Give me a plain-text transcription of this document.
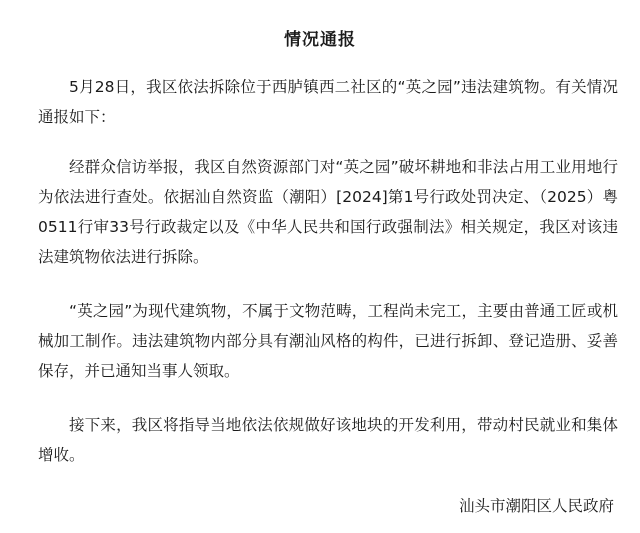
情况通报

5月28日，我区依法拆除位于西胪镇西二社区的“英之园”违法建筑物。有关情况通报如下：

经群众信访举报，我区自然资源部门对“英之园”破坏耕地和非法占用工业用地行为依法进行查处。依据汕自然资监（潮阳）[2024]第1号行政处罚决定、（2025）粤0511行审33号行政裁定以及《中华人民共和国行政强制法》相关规定，我区对该违法建筑物依法进行拆除。

“英之园”为现代建筑物，不属于文物范畴，工程尚未完工，主要由普通工匠或机械加工制作。违法建筑物内部分具有潮汕风格的构件，已进行拆卸、登记造册、妥善保存，并已通知当事人领取。

接下来，我区将指导当地依法依规做好该地块的开发利用，带动村民就业和集体增收。

汕头市潮阳区人民政府
